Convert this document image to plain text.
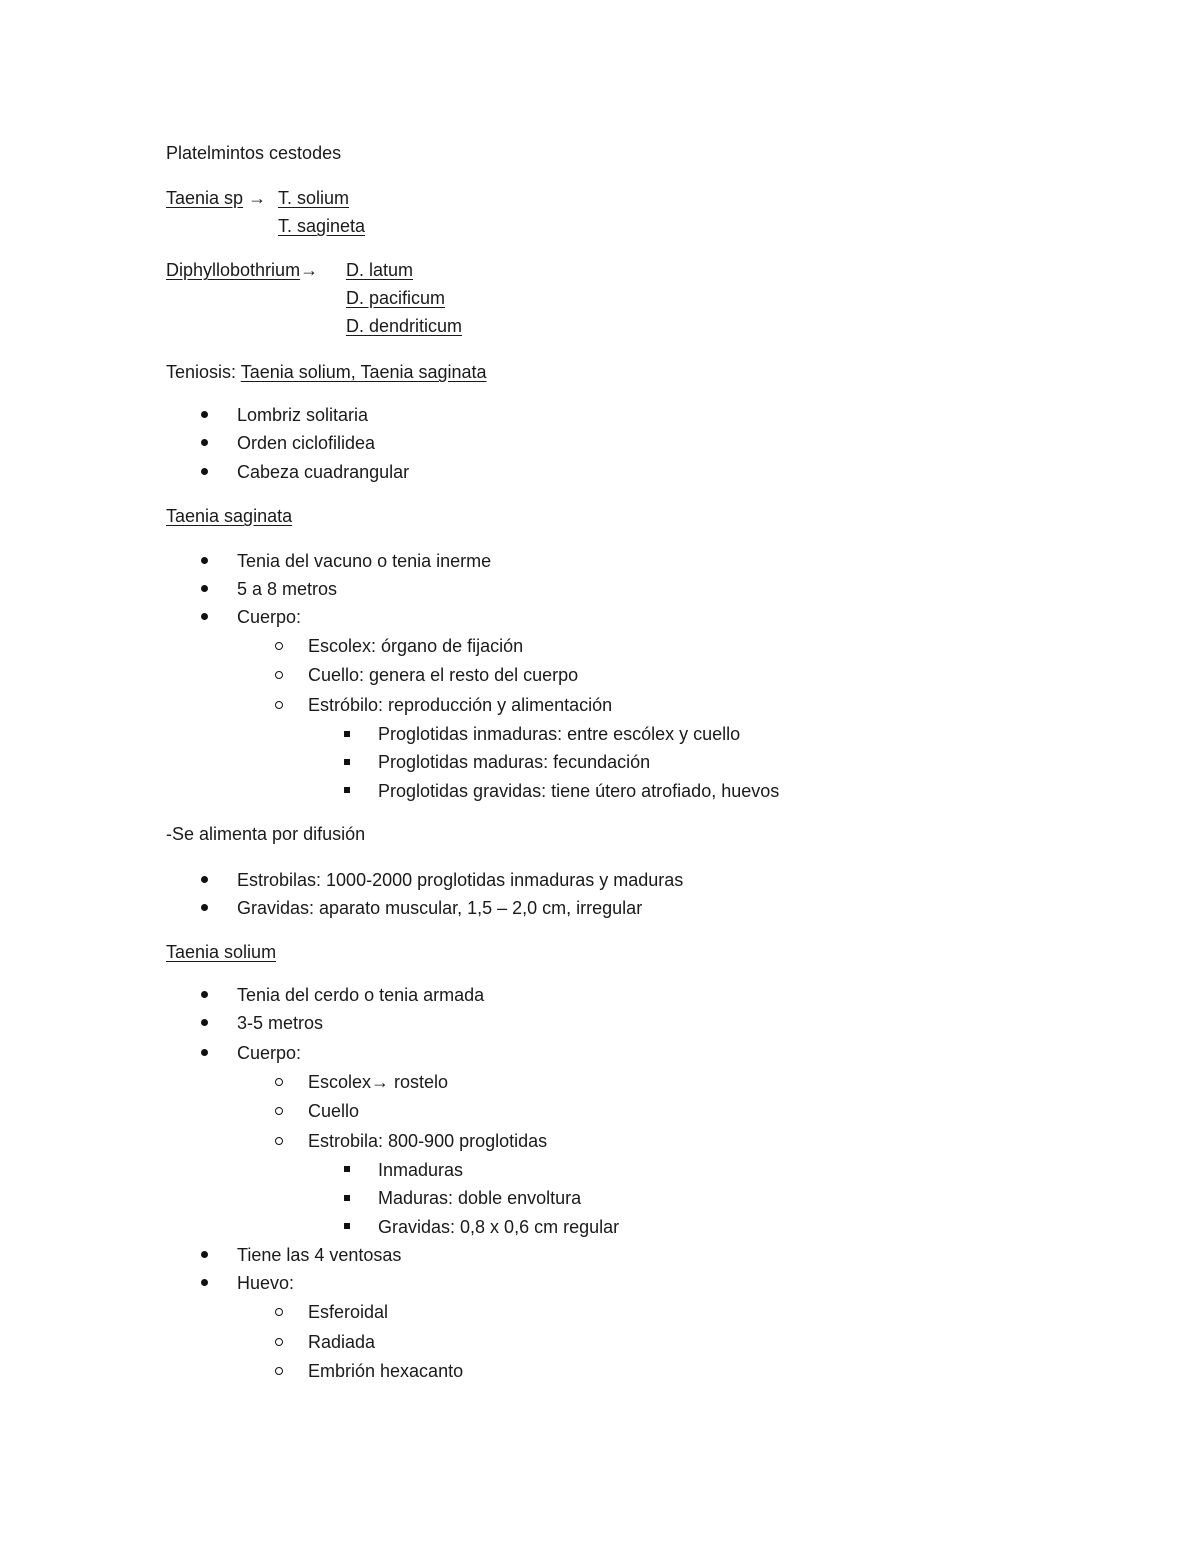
Platelmintos cestodes
Taenia sp → T. solium
T. sagineta
Diphyllobothrium→ D. latum
D. pacificum
D. dendriticum
Teniosis: Taenia solium, Taenia saginata
Lombriz solitaria
Orden ciclofilidea
Cabeza cuadrangular
Taenia saginata
Tenia del vacuno o tenia inerme
5 a 8 metros
Cuerpo:
Escolex: órgano de fijación
Cuello: genera el resto del cuerpo
Estróbilo: reproducción y alimentación
Proglotidas inmaduras: entre escólex y cuello
Proglotidas maduras: fecundación
Proglotidas gravidas: tiene útero atrofiado, huevos
-Se alimenta por difusión
Estrobilas: 1000-2000 proglotidas inmaduras y maduras
Gravidas: aparato muscular, 1,5 – 2,0 cm, irregular
Taenia solium
Tenia del cerdo o tenia armada
3-5 metros
Cuerpo:
Escolex→ rostelo
Cuello
Estrobila: 800-900 proglotidas
Inmaduras
Maduras: doble envoltura
Gravidas: 0,8 x 0,6 cm regular
Tiene las 4 ventosas
Huevo:
Esferoidal
Radiada
Embrión hexacanto
